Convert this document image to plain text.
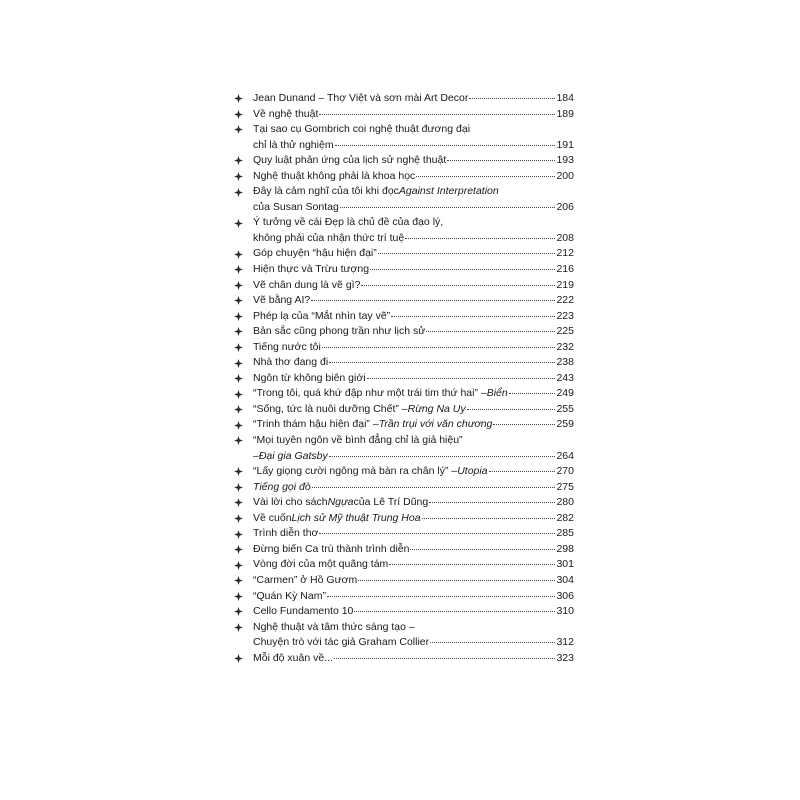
Jean Dunand – Thợ Việt và sơn mài Art Decor	184
Về nghệ thuật	189
Tại sao cụ Gombrich coi nghệ thuật đương đại
chỉ là thử nghiệm	191
Quy luật phản ứng của lịch sử nghệ thuật	193
Nghệ thuật không phải là khoa học	200
Đây là cảm nghĩ của tôi khi đọc Against Interpretation
của Susan Sontag	206
Ý tưởng về cái Đẹp là chủ đề của đạo lý,
không phải của nhận thức trí tuệ	208
Góp chuyện “hậu hiện đại”	212
Hiện thực và Trừu tượng	216
Vẽ chân dung là vẽ gì?	219
Vẽ bằng AI?	222
Phép lạ của “Mắt nhìn tay vẽ”	223
Bản sắc cũng phong trần như lịch sử	225
Tiếng nước tôi	232
Nhà thơ đang đi	238
Ngôn từ không biên giới	243
“Trong tôi, quá khứ đập như một trái tim thứ hai” – Biển	249
“Sống, tức là nuôi dưỡng Chết” – Rừng Na Uy	255
“Trinh thám hậu hiện đại” – Trần trụi với văn chương	259
“Mọi tuyên ngôn về bình đẳng chỉ là giả hiệu”
– Đại gia Gatsby	264
“Lấy giọng cười ngông mà bàn ra chân lý” – Utopia	270
Tiếng gọi đò	275
Vài lời cho sách Ngựa của Lê Trí Dũng	280
Về cuốn Lịch sử Mỹ thuật Trung Hoa	282
Trình diễn thơ	285
Đừng biến Ca trù thành trình diễn	298
Vòng đời của một quãng tám	301
“Carmen” ở Hồ Gươm	304
“Quán Kỳ Nam”	306
Cello Fundamento 10	310
Nghệ thuật và tâm thức sáng tạo –
Chuyện trò với tác giả Graham Collier	312
Mỗi độ xuân về...	323
